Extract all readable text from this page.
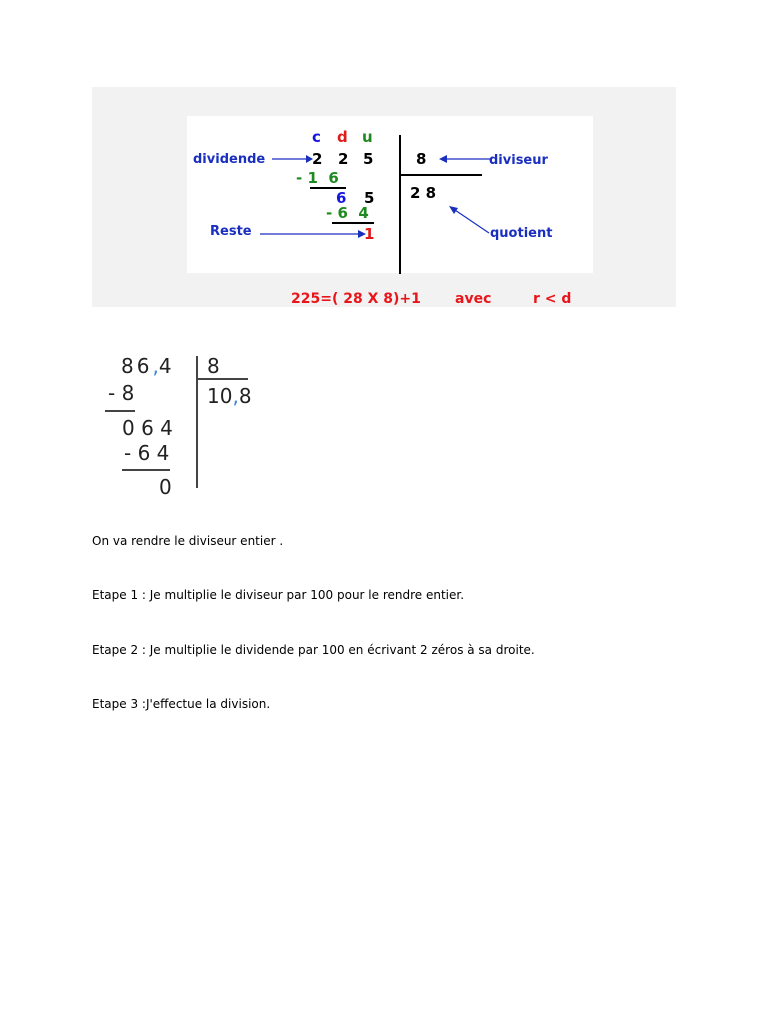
c d u
dividende	2 2 5
- 1  6
6 5
- 6  4
Reste	1
8	diviseur
2 8
quotient
225=( 28 X 8)+1 avec	r < d
86,4 8
10,8
- 8
0 6 4
- 6 4
0

On va rendre le diviseur entier .

Etape 1 : Je multiplie le diviseur par 100 pour le rendre entier.

Etape 2 : Je multiplie le dividende par 100 en écrivant 2 zéros à sa droite.

Etape 3 :J'effectue la division.
